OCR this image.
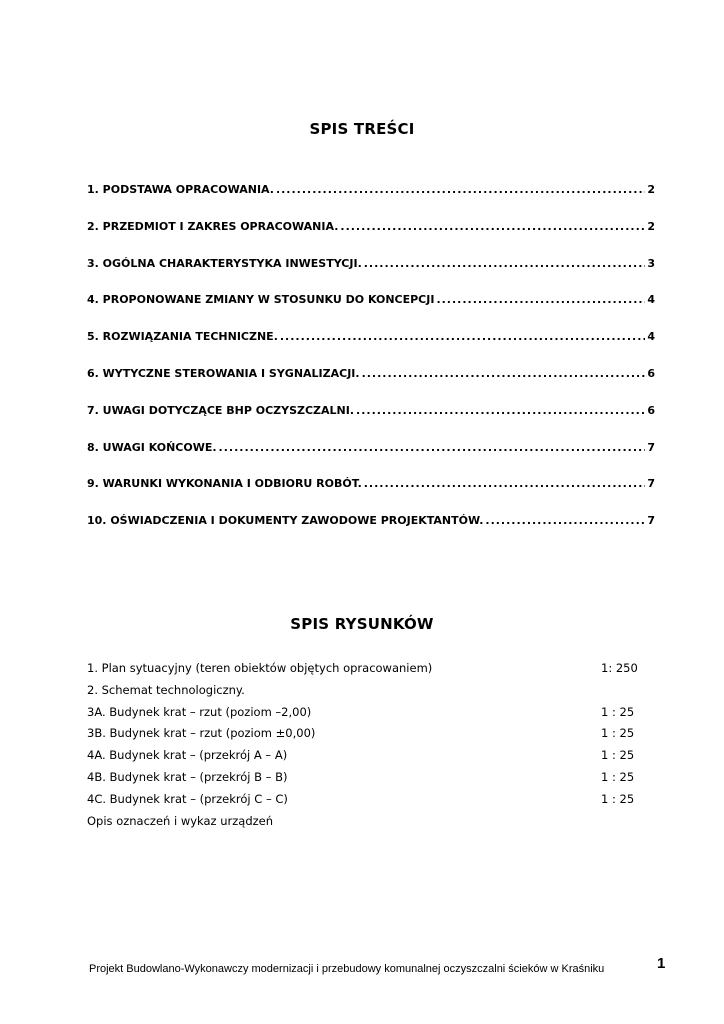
SPIS TREŚCI
1. PODSTAWA OPRACOWANIA. .....	2
2. PRZEDMIOT I ZAKRES OPRACOWANIA. .....	2
3. OGÓLNA CHARAKTERYSTYKA INWESTYCJI. .....	3
4. PROPONOWANE ZMIANY W STOSUNKU DO KONCEPCJI .....	4
5. ROZWIĄZANIA TECHNICZNE. .....	4
6. WYTYCZNE STEROWANIA I SYGNALIZACJI. .....	6
7. UWAGI DOTYCZĄCE BHP OCZYSZCZALNI. .....	6
8. UWAGI KOŃCOWE. .....	7
9. WARUNKI WYKONANIA I ODBIORU ROBÓT. .....	7
10. OŚWIADCZENIA I DOKUMENTY ZAWODOWE PROJEKTANTÓW. .....	7
SPIS RYSUNKÓW
1. Plan sytuacyjny (teren obiektów objętych opracowaniem)	1: 250
2. Schemat technologiczny.
3A. Budynek krat – rzut (poziom –2,00)	1 : 25
3B. Budynek krat – rzut (poziom ±0,00)	1 : 25
4A. Budynek krat – (przekrój A – A)	1 : 25
4B. Budynek krat – (przekrój B – B)	1 : 25
4C. Budynek krat – (przekrój C – C)	1 : 25
Opis oznaczeń i wykaz urządzeń
Projekt Budowlano-Wykonawczy modernizacji i przebudowy komunalnej oczyszczalni ścieków w Kraśniku	1
